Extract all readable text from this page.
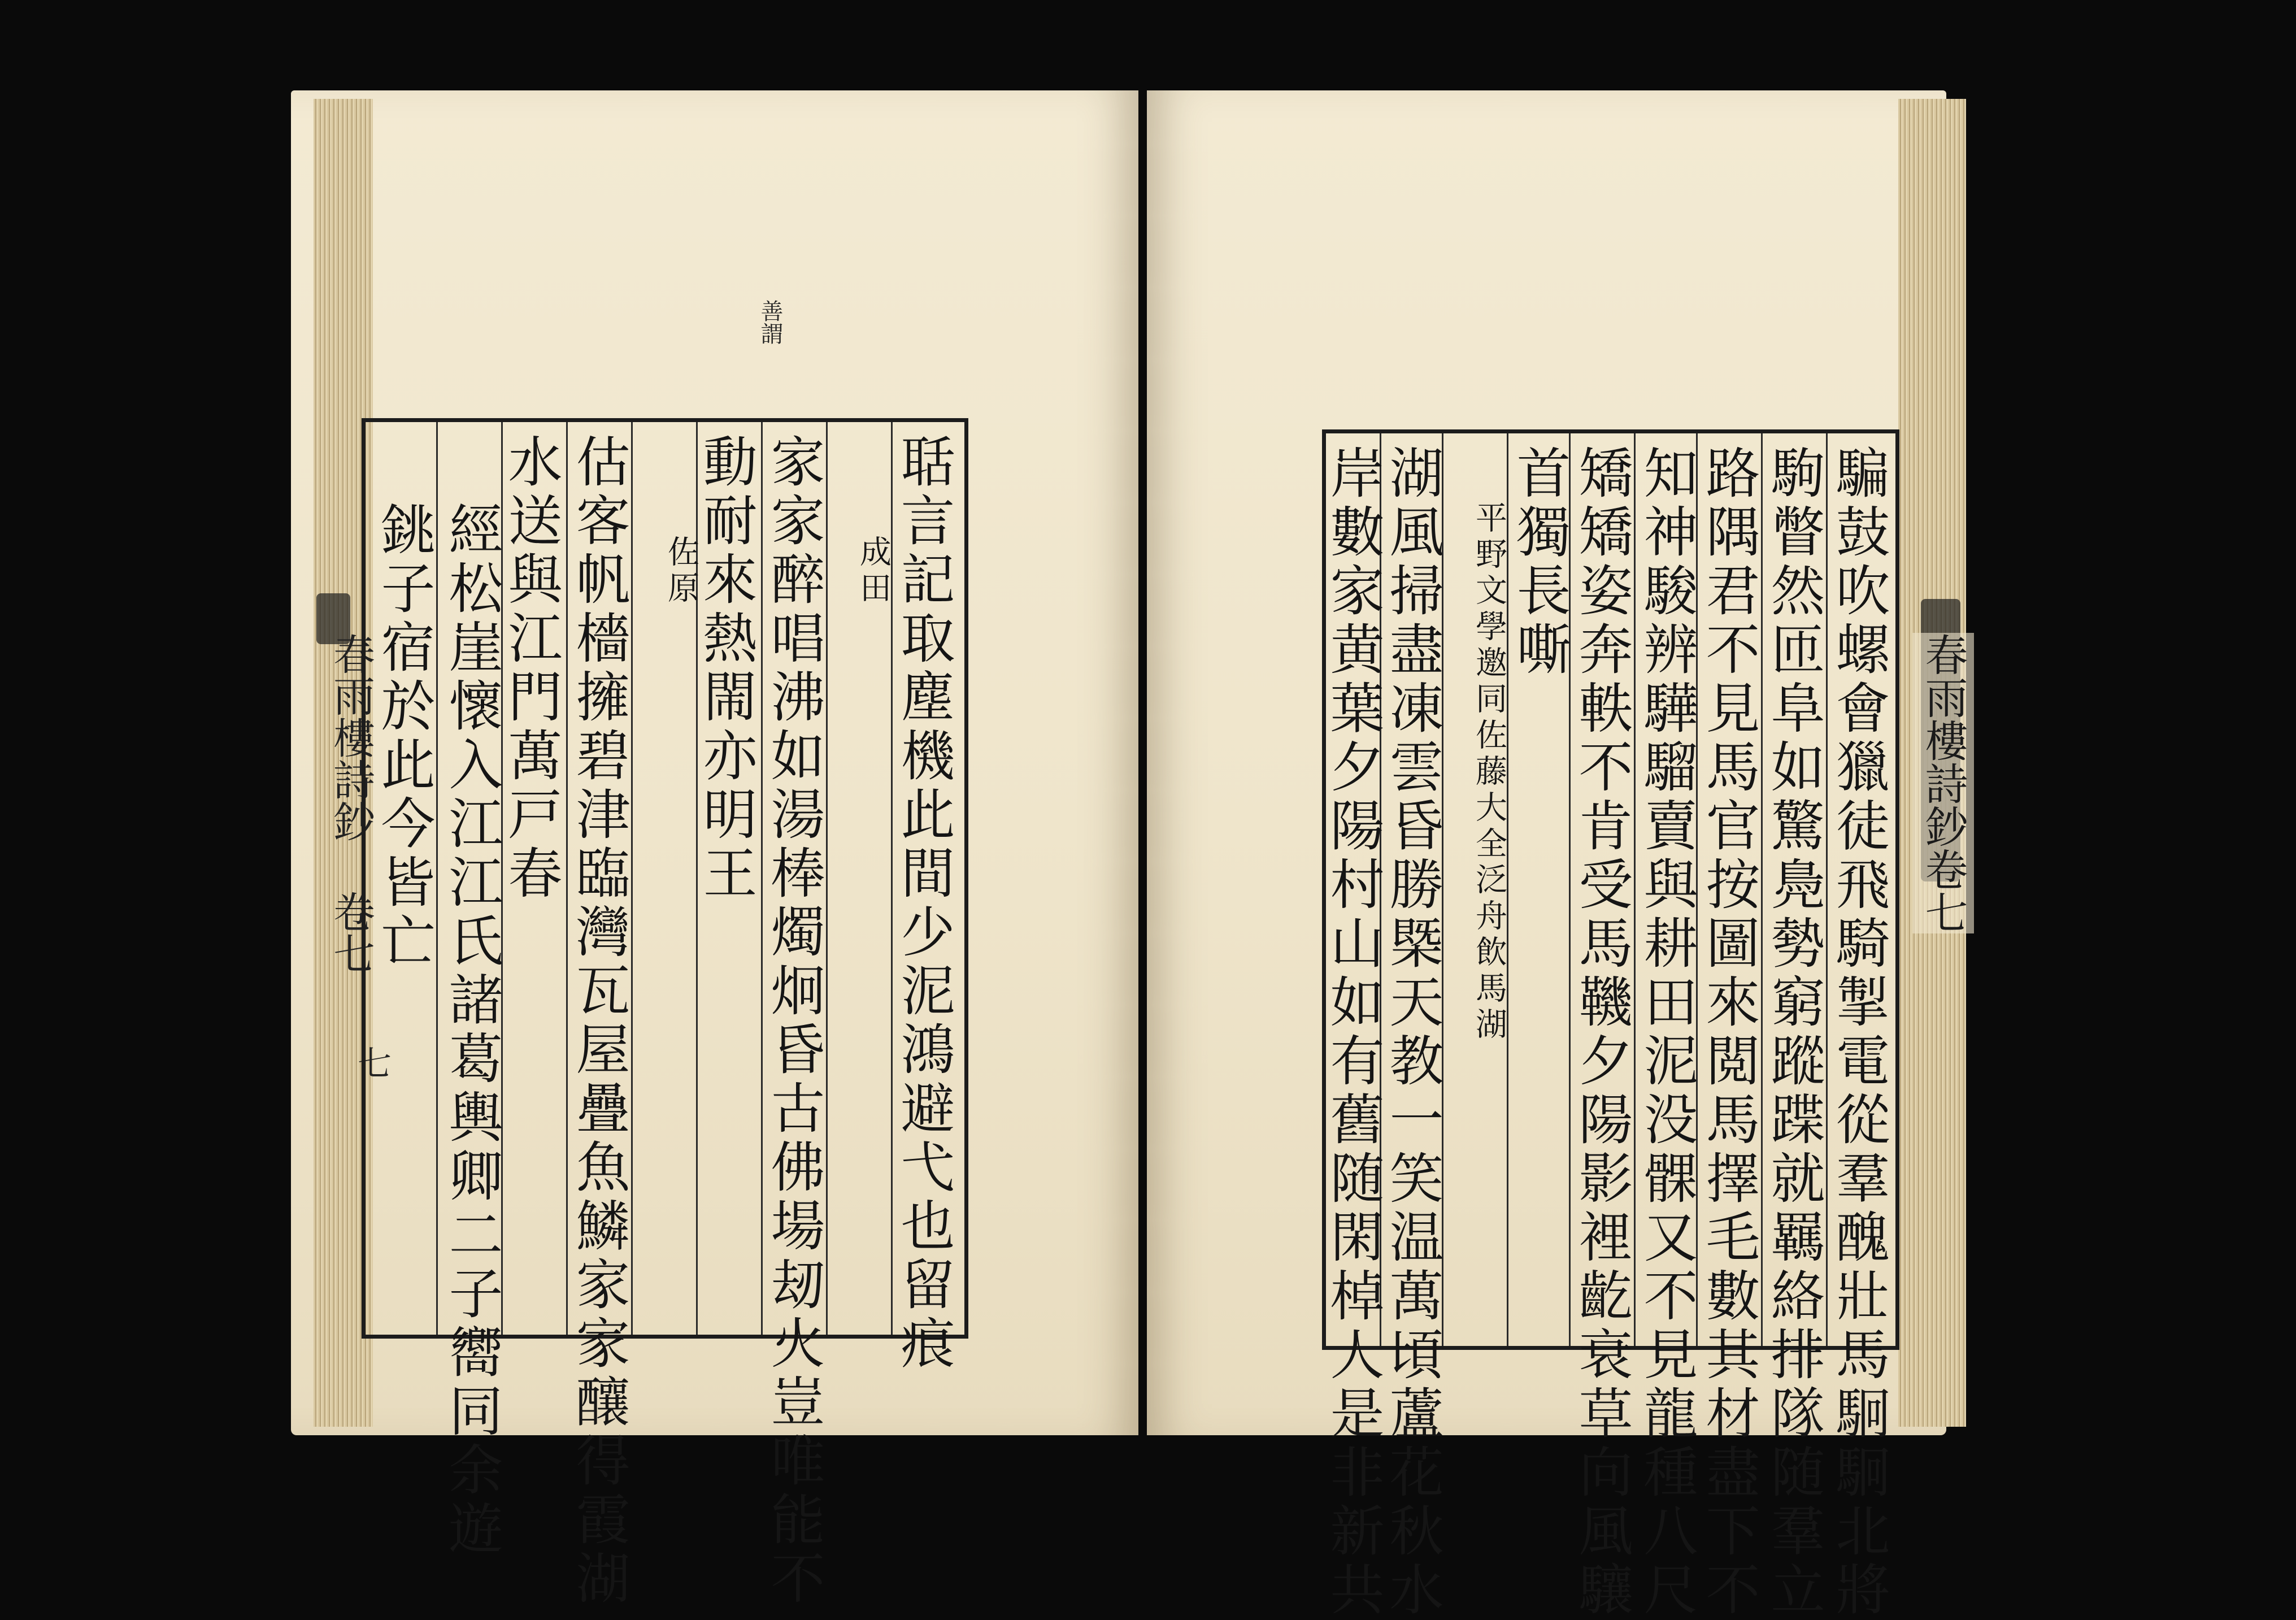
春雨樓詩鈔 卷七
七
善謂
聒言記取塵機此間少泥鴻避弋也留痕
成田
家家醉唱沸如湯棒燭炯昏古佛場刼火豈唯能不
動耐來熱閙亦明王
佐原
估客帆檣擁碧津臨灣瓦屋疊魚鱗家家釀得霞湖
水送與江門萬戸春
經松崖懷入江江氏諸葛輿卿二子嚮同余遊
銚子宿於此今皆亡	騙鼓吹螺會獵徒飛騎掣電從羣醜壯馬駉駉北將
駒瞥然匝阜如驚鳧勢窮蹤蹀就羈絡排隊随羣立
路隅君不見馬官按圖來閲馬擇毛數其材盡下不
知神駿辨驊騮賣與耕田泥没髁又不見龍種八尺
矯矯姿奔軼不肯受馬鞿夕陽影裡齕衰草向風驤
首獨長嘶
平野文學邀同佐藤大全泛舟飲馬湖
湖風掃盡凍雲昏勝槩天教一笑温萬頃蘆花秋水
岸數家黄葉夕陽村山如有舊随閑棹人是非新共	春雨樓詩鈔卷七
